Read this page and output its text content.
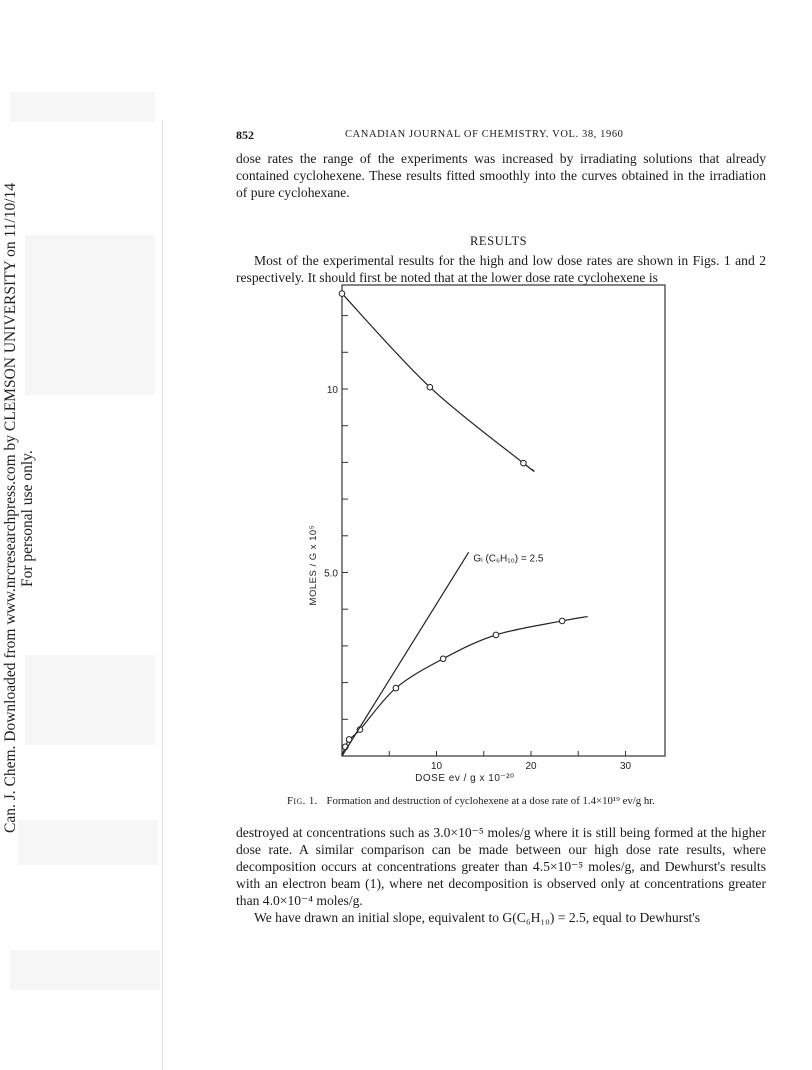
Can. J. Chem. Downloaded from www.nrcresearchpress.com by CLEMSON UNIVERSITY on 11/10/14 For personal use only.
852	CANADIAN JOURNAL OF CHEMISTRY. VOL. 38, 1960

dose rates the range of the experiments was increased by irradiating solutions that already contained cyclohexene. These results fitted smoothly into the curves obtained in the irradiation of pure cyclohexane.

RESULTS

Most of the experimental results for the high and low dose rates are shown in Figs. 1 and 2 respectively. It should first be noted that at the lower dose rate cyclohexene is

10	20	30
5.0
10
DOSE ev / g x 10⁻²⁰
MOLES / G x 10⁵	Gᵢ (C₆H₁₀) = 2.5
Fig. 1. Formation and destruction of cyclohexene at a dose rate of 1.4×10¹⁹ ev/g hr.

destroyed at concentrations such as 3.0×10⁻⁵ moles/g where it is still being formed at the higher dose rate. A similar comparison can be made between our high dose rate results, where decomposition occurs at concentrations greater than 4.5×10⁻⁵ moles/g, and Dewhurst's results with an electron beam (1), where net decomposition is observed only at concentrations greater than 4.0×10⁻⁴ moles/g.

We have drawn an initial slope, equivalent to G(C₆H₁₀) = 2.5, equal to Dewhurst's
